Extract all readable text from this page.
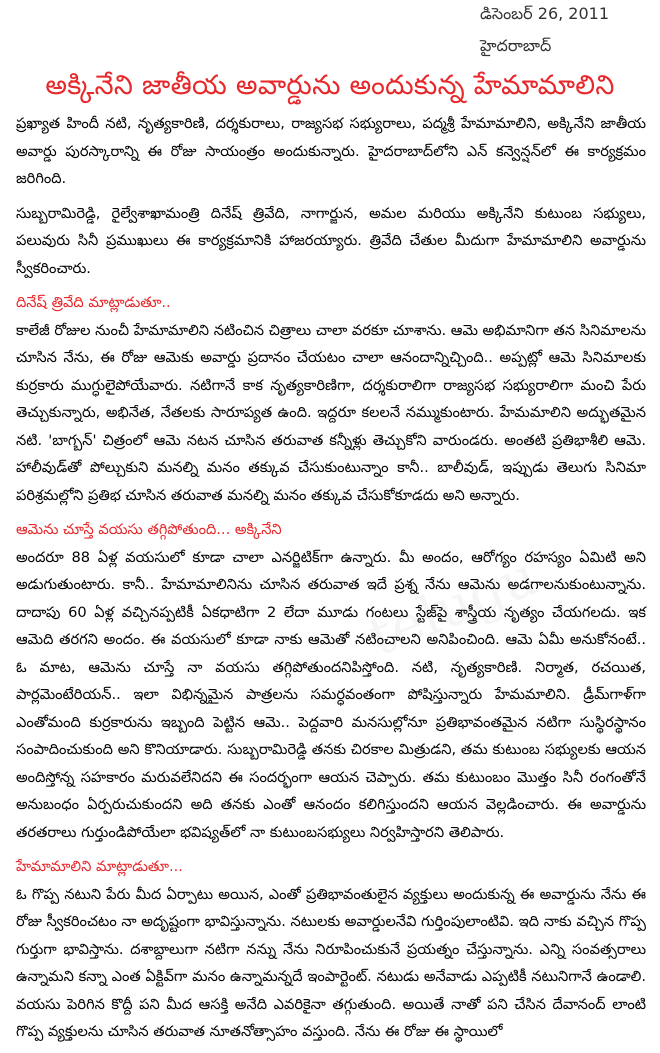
డిసెంబర్ 26, 2011
హైదరాబాద్
అక్కినేని జాతీయ అవార్డును అందుకున్న హేమామాలిని
telugu

ప్రఖ్యాత హిందీ నటి, నృత్యకారిణి, దర్శకురాలు, రాజ్యసభ సభ్యురాలు, పద్మశ్రీ హేమామాలిని, అక్కినేని జాతీయ అవార్డు పురస్కారాన్ని ఈ రోజు సాయంత్రం అందుకున్నారు. హైదరాబాద్‌లోని ఎన్ కన్వెన్షన్‌లో ఈ కార్యక్రమం జరిగింది.

సుబ్బరామిరెడ్డి, రైల్వేశాఖామంత్రి దినేష్ త్రివేది, నాగార్జున, అమల మరియు అక్కినేని కుటుంబ సభ్యులు, పలువురు సినీ ప్రముఖులు ఈ కార్యక్రమానికి హాజరయ్యారు. త్రివేది చేతుల మీదుగా హేమామాలిని అవార్డును స్వీకరించారు.

దినేష్ త్రివేది మాట్లాడుతూ..

కాలేజీ రోజుల నుంచీ హేమామాలిని నటించిన చిత్రాలు చాలా వరకూ చూశాను. ఆమె అభిమానిగా తన సినిమాలను చూసిన నేను, ఈ రోజు ఆమెకు అవార్డు ప్రదానం చేయటం చాలా ఆనందాన్నిచ్చింది.. అప్పట్లో ఆమె సినిమాలకు కుర్రకారు ముగ్ధులైపోయేవారు. నటిగానే కాక నృత్యకారిణిగా, దర్శకురాలిగా రాజ్యసభ సభ్యురాలిగా మంచి పేరు తెచ్చుకున్నారు, అభినేత, నేతలకు సారూప్యత ఉంది. ఇద్దరూ కలలనే నమ్ముకుంటారు. హేమమాలిని అద్భుతమైన నటి. 'బాగ్బన్' చిత్రంలో ఆమె నటన చూసిన తరువాత కన్నీళ్లు తెచ్చుకోని వారుండరు. అంతటి ప్రతిభాశీలి ఆమె. హాలీవుడ్‌తో పోల్చుకుని మనల్ని మనం తక్కువ చేసుకుంటున్నాం కానీ.. బాలీవుడ్, ఇప్పుడు తెలుగు సినిమా పరిశ్రమల్లోని ప్రతిభ చూసిన తరువాత మనల్ని మనం తక్కువ చేసుకోకూడదు అని అన్నారు.

ఆమెను చూస్తే వయసు తగ్గిపోతుంది... అక్కినేని

అందరూ 88 ఏళ్ల వయసులో కూడా చాలా ఎనర్జిటిక్‌గా ఉన్నారు. మీ అందం, ఆరోగ్యం రహస్యం ఏమిటి అని అడుగుతుంటారు. కానీ.. హేమామాలినిను చూసిన తరువాత ఇదే ప్రశ్న నేను ఆమెను అడగాలనుకుంటున్నాను. దాదాపు 60 ఏళ్ల వచ్చినప్పటికీ ఏకధాటిగా 2 లేదా మూడు గంటలు స్టేజ్‌పై శాస్త్రీయ నృత్యం చేయగలదు. ఇక ఆమెది తరగని అందం. ఈ వయసులో కూడా నాకు ఆమెతో నటించాలని అనిపించింది. ఆమె ఏమీ అనుకోనంటే.. ఓ మాట, ఆమెను చూస్తే నా వయసు తగ్గిపోతుందనిపిస్తోంది. నటి, నృత్యకారిణి. నిర్మాత, రచయిత, పార్లమెంటేరియన్.. ఇలా విభిన్నమైన పాత్రలను సమర్ధవంతంగా పోషిస్తున్నారు హేమమాలిని. డ్రీమ్‌గాళ్‌గా ఎంతోమంది కుర్రకారును ఇబ్బంది పెట్టిన ఆమె.. పెద్దవారి మనసుల్లోనూ ప్రతిభావంతమైన నటిగా సుస్థిరస్థానం సంపాదించుకుంది అని కొనియాడారు. సుబ్బరామిరెడ్డి తనకు చిరకాల మిత్రుడని, తమ కుటుంబ సభ్యులకు ఆయన అందిస్తోన్న సహకారం మరువలేనిదని ఈ సందర్భంగా ఆయన చెప్పారు. తమ కుటుంబం మొత్తం సినీ రంగంతోనే అనుబంధం ఏర్పరుచుకుందని అది తనకు ఎంతో ఆనందం కలిగిస్తుందని ఆయన వెల్లడించారు. ఈ అవార్డును తరతరాలు గుర్తుండిపోయేలా భవిష్యత్‌లో నా కుటుంబసభ్యులు నిర్వహిస్తారని తెలిపారు.

హేమామాలిని మాట్లాడుతూ...

ఓ గొప్ప నటుని పేరు మీద ఏర్పాటు అయిన, ఎంతో ప్రతిభావంతులైన వ్యక్తులు అందుకున్న ఈ అవార్డును నేను ఈ రోజు స్వీకరించటం నా అదృష్టంగా భావిస్తున్నాను. నటులకు అవార్డులనేవి గుర్తింపులాంటివి. ఇది నాకు వచ్చిన గొప్ప గుర్తుగా భావిస్తాను. దశాబ్దాలుగా నటిగా నన్ను నేను నిరూపించుకునే ప్రయత్నం చేస్తున్నాను. ఎన్ని సంవత్సరాలు ఉన్నామని కన్నా ఎంత ఏక్టివ్‌గా మనం ఉన్నామన్నదే ఇంపార్టెంట్. నటుడు అనేవాడు ఎప్పటికీ నటునిగానే ఉండాలి. వయసు పెరిగిన కొద్దీ పని మీద ఆసక్తి అనేది ఎవరికైనా తగ్గుతుంది. అయితే నాతో పని చేసిన దేవానంద్ లాంటి గొప్ప వ్యక్తులను చూసిన తరువాత నూతనోత్సాహం వస్తుంది. నేను ఈ రోజు ఈ స్థాయిలో
